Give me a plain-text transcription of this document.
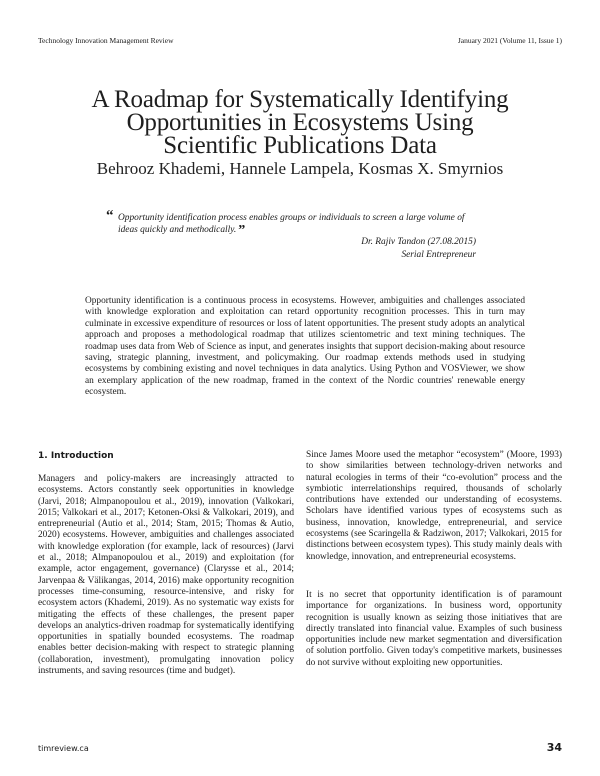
Technology Innovation Management Review	January 2021 (Volume 11, Issue 1)
A Roadmap for Systematically Identifying
Opportunities in Ecosystems Using
Scientific Publications Data
Behrooz Khademi, Hannele Lampela, Kosmas X. Smyrnios
“ Opportunity identification process enables groups or individuals to screen a large volume of ideas quickly and methodically. ”
Dr. Rajiv Tandon (27.08.2015)
Serial Entrepreneur
Opportunity identification is a continuous process in ecosystems. However, ambiguities and challenges associated with knowledge exploration and exploitation can retard opportunity recognition processes. This in turn may culminate in excessive expenditure of resources or loss of latent opportunities. The present study adopts an analytical approach and proposes a methodological roadmap that utilizes scientometric and text mining techniques. The roadmap uses data from Web of Science as input, and generates insights that support decision-making about resource saving, strategic planning, investment, and policymaking. Our roadmap extends methods used in studying ecosystems by combining existing and novel techniques in data analytics. Using Python and VOSViewer, we show an exemplary application of the new roadmap, framed in the context of the Nordic countries' renewable energy ecosystem.
1. Introduction
Managers and policy-makers are increasingly attracted to ecosystems. Actors constantly seek opportunities in knowledge (Jarvi, 2018; Almpanopoulou et al., 2019), innovation (Valkokari, 2015; Valkokari et al., 2017; Ketonen-Oksi & Valkokari, 2019), and entrepreneurial (Autio et al., 2014; Stam, 2015; Thomas & Autio, 2020) ecosystems. However, ambiguities and challenges associated with knowledge exploration (for example, lack of resources) (Jarvi et al., 2018; Almpanopoulou et al., 2019) and exploitation (for example, actor engagement, governance) (Clarysse et al., 2014; Jarvenpaa & Välikangas, 2014, 2016) make opportunity recognition processes time-consuming, resource-intensive, and risky for ecosystem actors (Khademi, 2019). As no systematic way exists for mitigating the effects of these challenges, the present paper develops an analytics-driven roadmap for systematically identifying opportunities in spatially bounded ecosystems. The roadmap enables better decision-making with respect to strategic planning (collaboration, investment), promulgating innovation policy instruments, and saving resources (time and budget).
Since James Moore used the metaphor “ecosystem” (Moore, 1993) to show similarities between technology-driven networks and natural ecologies in terms of their “co-evolution” process and the symbiotic interrelationships required, thousands of scholarly contributions have extended our understanding of ecosystems. Scholars have identified various types of ecosystems such as business, innovation, knowledge, entrepreneurial, and service ecosystems (see Scaringella & Radziwon, 2017; Valkokari, 2015 for distinctions between ecosystem types). This study mainly deals with knowledge, innovation, and entrepreneurial ecosystems.
It is no secret that opportunity identification is of paramount importance for organizations. In business word, opportunity recognition is usually known as seizing those initiatives that are directly translated into financial value. Examples of such business opportunities include new market segmentation and diversification of solution portfolio. Given today's competitive markets, businesses do not survive without exploiting new opportunities.
timreview.ca	34
